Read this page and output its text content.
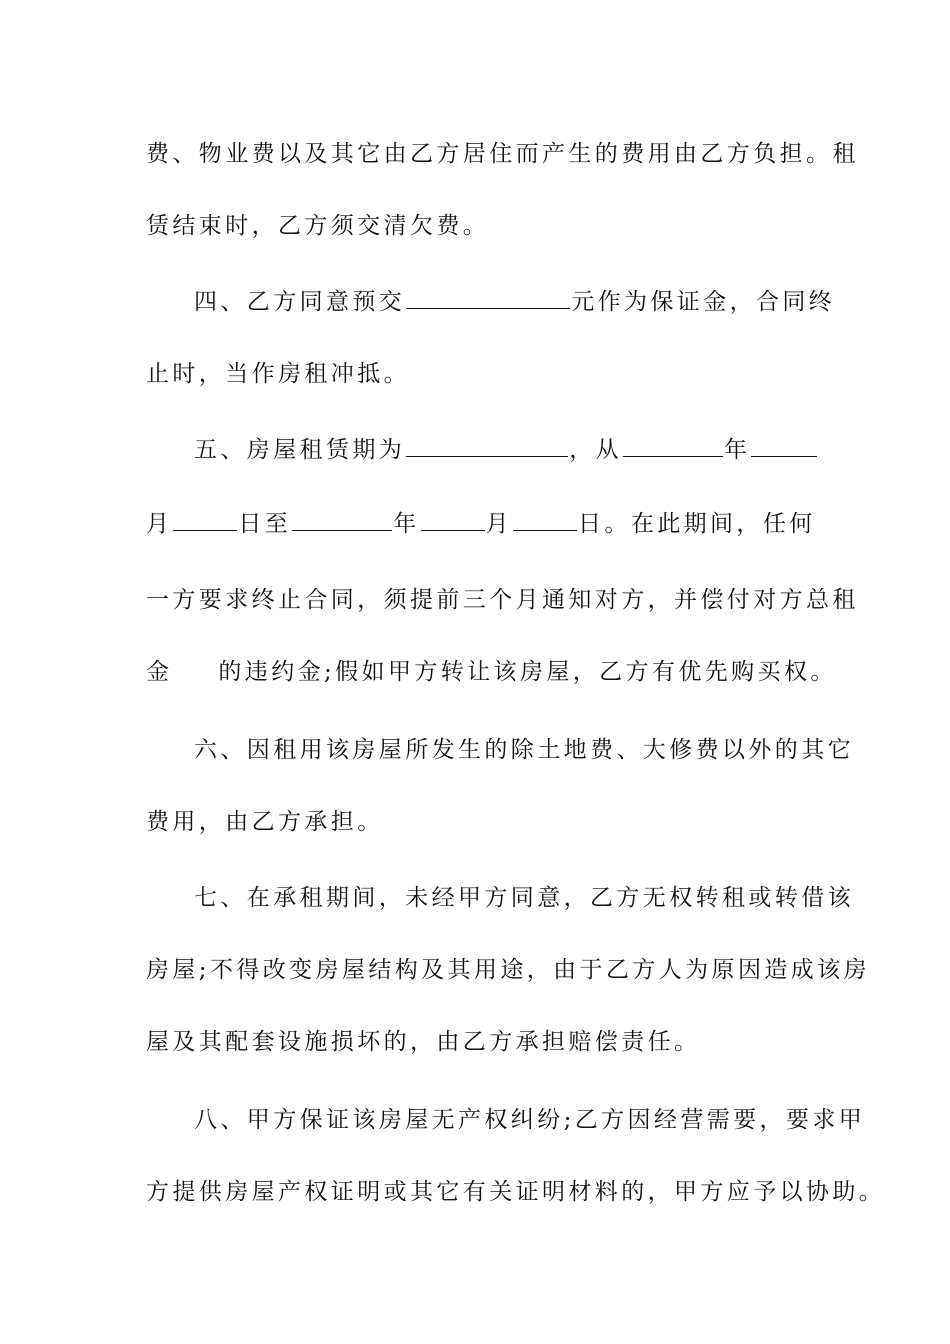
费、物业费以及其它由乙方居住而产生的费用由乙方负担。租
赁结束时，乙方须交清欠费。
四、乙方同意预交	元作为保证金，合同终
止时，当作房租冲抵。
五、房屋租赁期为	，从	年
月	日至	年	月	日。在此期间，任何
一方要求终止合同，须提前三个月通知对方，并偿付对方总租
金 的违约金;假如甲方转让该房屋，乙方有优先购买权。
六、因租用该房屋所发生的除土地费、大修费以外的其它
费用，由乙方承担。
七、在承租期间，未经甲方同意，乙方无权转租或转借该
房屋;不得改变房屋结构及其用途，由于乙方人为原因造成该房
屋及其配套设施损坏的，由乙方承担赔偿责任。
八、甲方保证该房屋无产权纠纷;乙方因经营需要，要求甲
方提供房屋产权证明或其它有关证明材料的，甲方应予以协助。
